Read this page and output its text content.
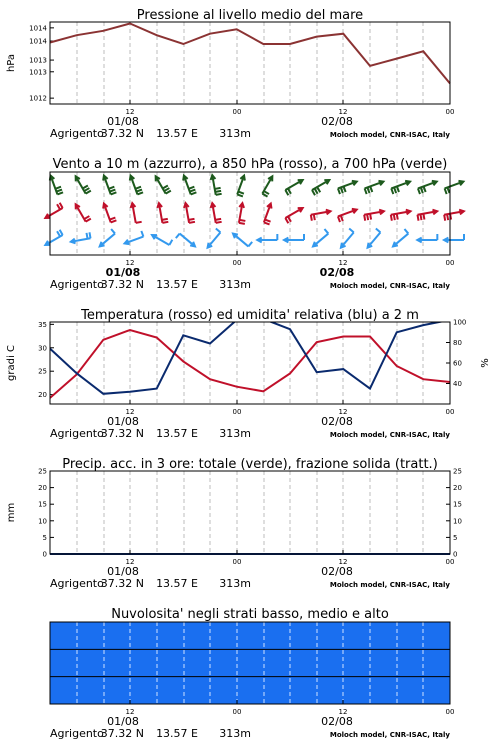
Pressione al livello medio del mare
1012
1013
1013
1014
1014
hPa
12	00	12	00
01/08	02/08
Agrigento
37.32 N 13.57 E 313m	Moloch model, CNR-ISAC, Italy
Vento a 10 m (azzurro), a 850 hPa (rosso), a 700 hPa (verde)
12	00	12	00
01/08	02/08
Agrigento
37.32 N 13.57 E 313m	Moloch model, CNR-ISAC, Italy
Temperatura (rosso) ed umidita' relativa (blu) a 2 m
20
25
30
35
40
60
80
100
gradi C	%
12	00	12	00
01/08	02/08
Agrigento
37.32 N 13.57 E 313m	Moloch model, CNR-ISAC, Italy
Precip. acc. in 3 ore: totale (verde), frazione solida (tratt.)
0	0
5	5
10	10
15	15
20	20
25	25
mm
12	00	12	00
01/08	02/08
Agrigento
37.32 N 13.57 E 313m	Moloch model, CNR-ISAC, Italy
Nuvolosita' negli strati basso, medio e alto
12	00	12	00
01/08	02/08
Agrigento
37.32 N 13.57 E 313m	Moloch model, CNR-ISAC, Italy
